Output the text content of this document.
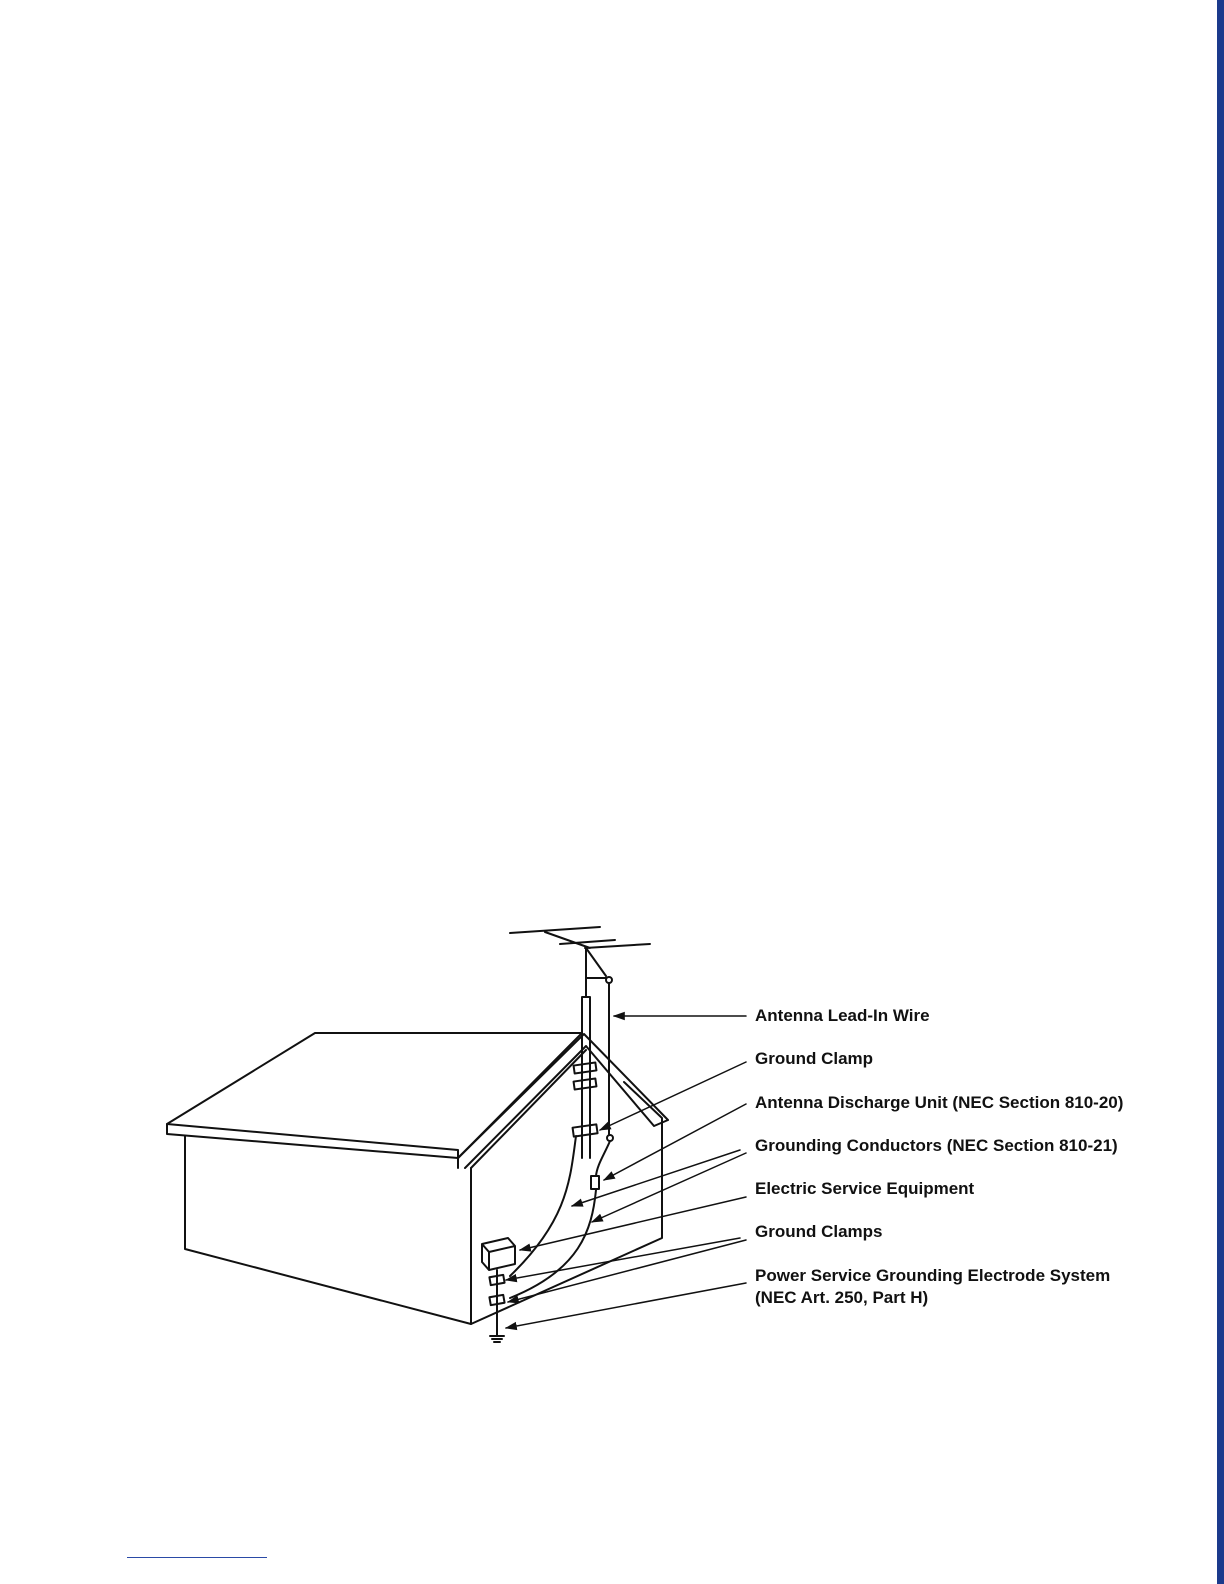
Antenna Lead-In Wire
Ground Clamp
Antenna Discharge Unit (NEC Section 810-20)
Grounding Conductors (NEC Section 810-21)
Electric Service Equipment
Ground Clamps
Power Service Grounding Electrode System
(NEC Art. 250, Part H)
